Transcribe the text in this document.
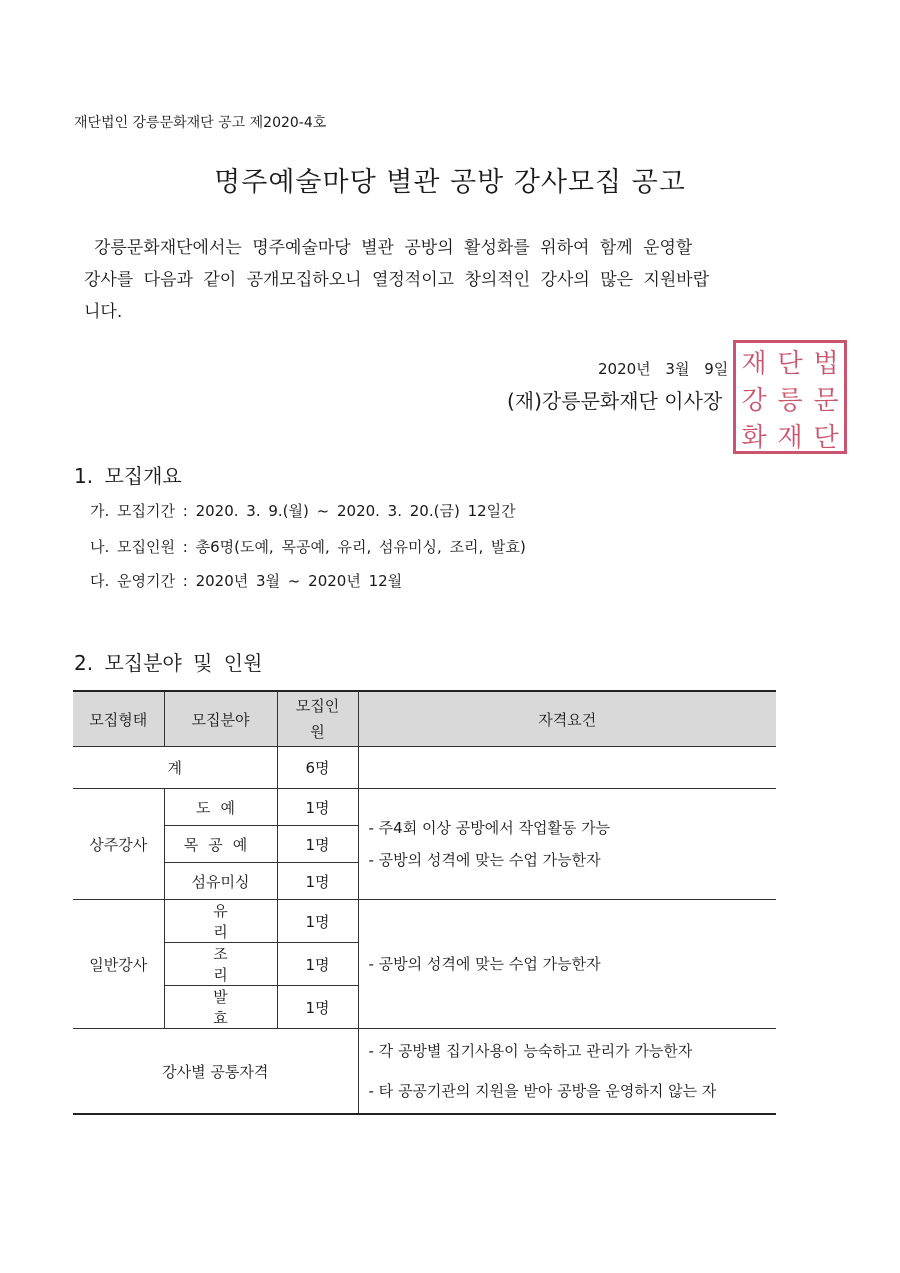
재단법인 강릉문화재단 공고 제2020-4호
명주예술마당 별관 공방 강사모집 공고
강릉문화재단에서는 명주예술마당 별관 공방의 활성화를 위하여 함께 운영할
강사를 다음과 같이 공개모집하오니 열정적이고 창의적인 강사의 많은 지원바랍
니다.
재 단 법
강 릉 문
화 재 단
2020년 3월 9일
(재)강릉문화재단 이사장
1. 모집개요
가. 모집기간 : 2020. 3. 9.(월) ~ 2020. 3. 20.(금) 12일간
나. 모집인원 : 총6명(도예, 목공예, 유리, 섬유미싱, 조리, 발효)
다. 운영기간 : 2020년 3월 ~ 2020년 12월
2. 모집분야 및 인원
모집형태	모집분야	모집인원	자격요건
계		6명	
상주강사	도예	1명	- 주4회 이상 공방에서 작업활동 가능
- 공방의 성격에 맞는 수업 가능한자

	목공예	1명	
	섬유미싱	1명	
일반강사	유리	1명	- 공방의 성격에 맞는 수업 가능한자

	조리	1명	
	발효	1명	
강사별 공통자격			- 각 공방별 집기사용이 능숙하고 관리가 가능한자
- 타 공공기관의 지원을 받아 공방을 운영하지 않는 자
